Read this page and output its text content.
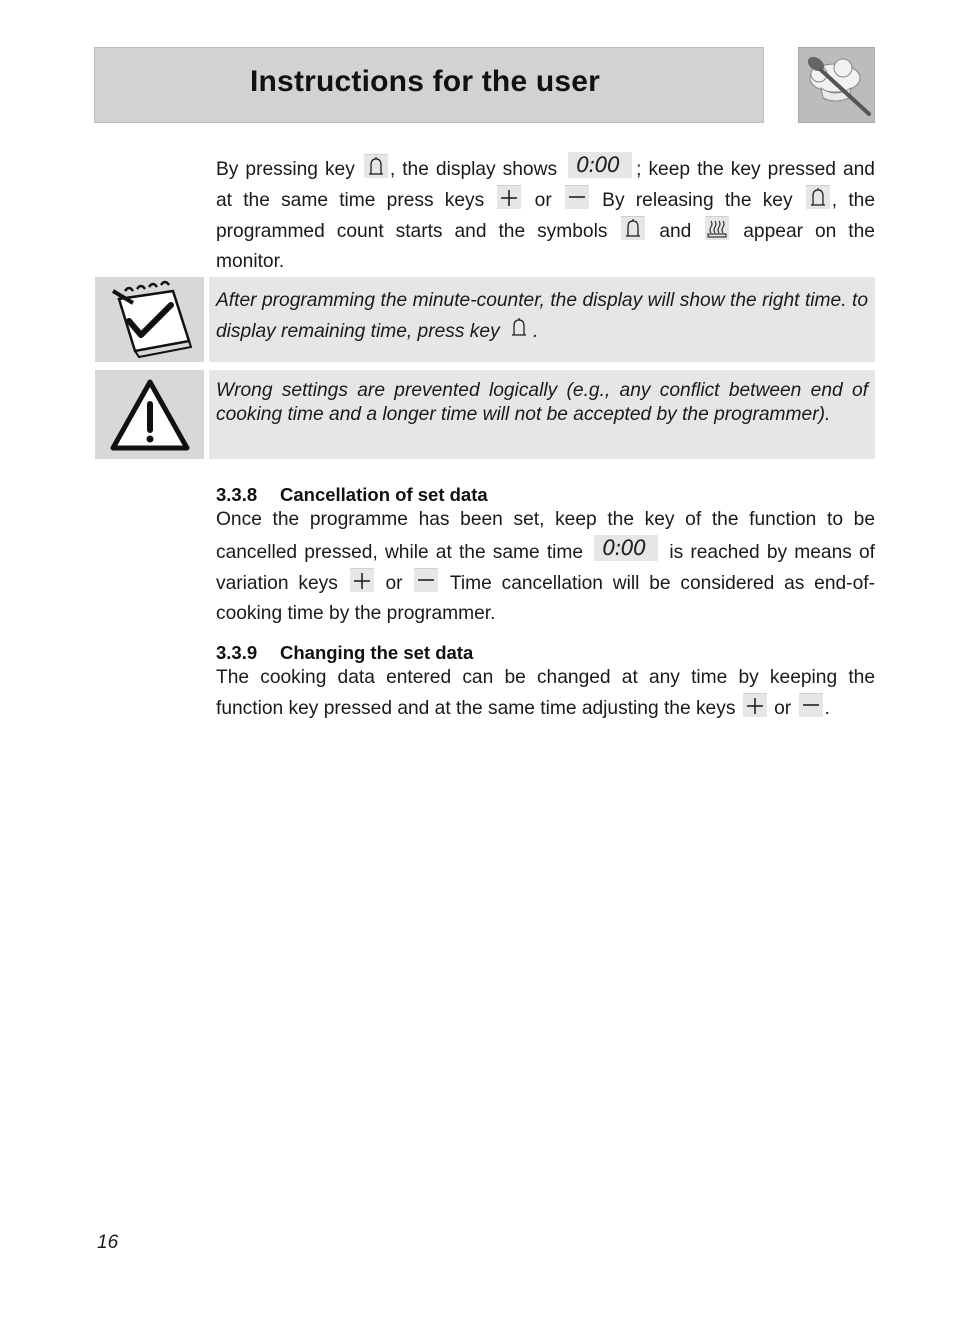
Instructions for the user
By pressing key , the display shows 0:00 ; keep the key pressed and at the same time press keys	or	By releasing the key , the programmed count starts and the symbols	and	appear on the monitor.
After programming the minute-counter, the display will show the right time. to display remaining time, press key .
Wrong settings are prevented logically (e.g., any conflict between end of cooking time and a longer time will not be accepted by the programmer).
3.3.8 Cancellation of set data
Once the programme has been set, keep the key of the function to be cancelled pressed, while at the same time 0:00 is reached by means of variation keys or Time cancellation will be considered as end-of-cooking time by the programmer.
3.3.9 Changing the set data
The cooking data entered can be changed at any time by keeping the function key pressed and at the same time adjusting the keys or .
16
